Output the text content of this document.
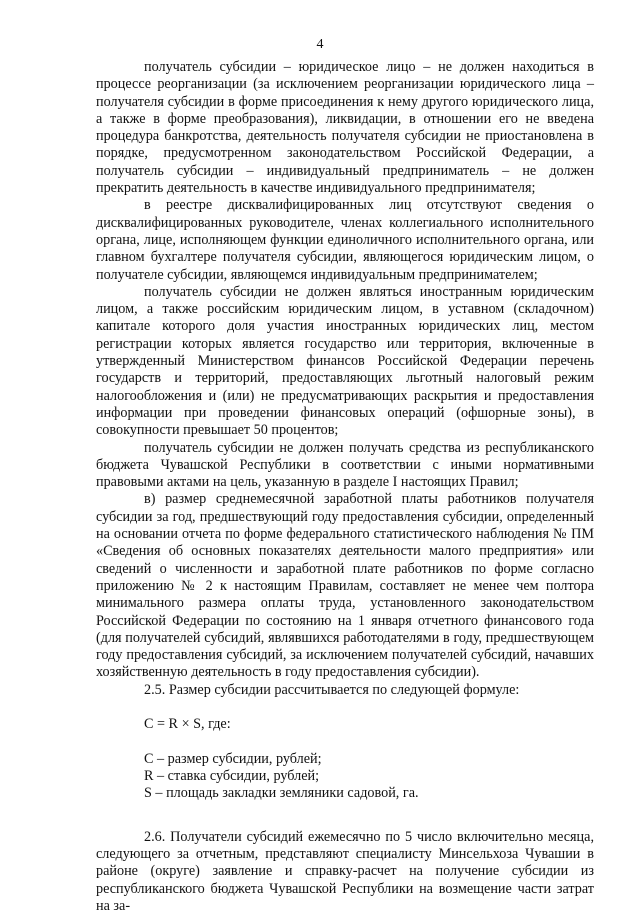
4

получатель субсидии – юридическое лицо – не должен находиться в процессе реорганизации (за исключением реорганизации юридического лица – получателя субсидии в форме присоединения к нему другого юридического лица, а также в форме преобразования), ликвидации, в отношении его не введена процедура банкротства, деятельность получателя субсидии не приостановлена в порядке, предусмотренном законодательством Российской Федерации, а получатель субсидии – индивидуальный предприниматель – не должен прекратить деятельность в качестве индивидуального предпринимателя;

в реестре дисквалифицированных лиц отсутствуют сведения о дисквалифицированных руководителе, членах коллегиального исполнительного органа, лице, исполняющем функции единоличного исполнительного органа, или главном бухгалтере получателя субсидии, являющегося юридическим лицом, о получателе субсидии, являющемся индивидуальным предпринимателем;

получатель субсидии не должен являться иностранным юридическим лицом, а также российским юридическим лицом, в уставном (складочном) капитале которого доля участия иностранных юридических лиц, местом регистрации которых является государство или территория, включенные в утвержденный Министерством финансов Российской Федерации перечень государств и территорий, предоставляющих льготный налоговый режим налогообложения и (или) не предусматривающих раскрытия и предоставления информации при проведении финансовых операций (офшорные зоны), в совокупности превышает 50 процентов;

получатель субсидии не должен получать средства из республиканского бюджета Чувашской Республики в соответствии с иными нормативными правовыми актами на цель, указанную в разделе I настоящих Правил;

в) размер среднемесячной заработной платы работников получателя субсидии за год, предшествующий году предоставления субсидии, определенный на основании отчета по форме федерального статистического наблюдения № ПМ «Сведения об основных показателях деятельности малого предприятия» или сведений о численности и заработной плате работников по форме согласно приложению № 2 к настоящим Правилам, составляет не менее чем полтора минимального размера оплаты труда, установленного законодательством Российской Федерации по состоянию на 1 января отчетного финансового года (для получателей субсидий, являвшихся работодателями в году, предшествующем году предоставления субсидий, за исключением получателей субсидий, начавших хозяйственную деятельность в году предоставления субсидии).

2.5. Размер субсидии рассчитывается по следующей формуле:

C = R × S, где:

C – размер субсидии, рублей;

R – ставка субсидии, рублей;

S – площадь закладки земляники садовой, га.

2.6. Получатели субсидий ежемесячно по 5 число включительно месяца, следующего за отчетным, представляют специалисту Минсельхоза Чувашии в районе (округе) заявление и справку-расчет на получение субсидии из республиканского бюджета Чувашской Республики на возмещение части затрат на за-
